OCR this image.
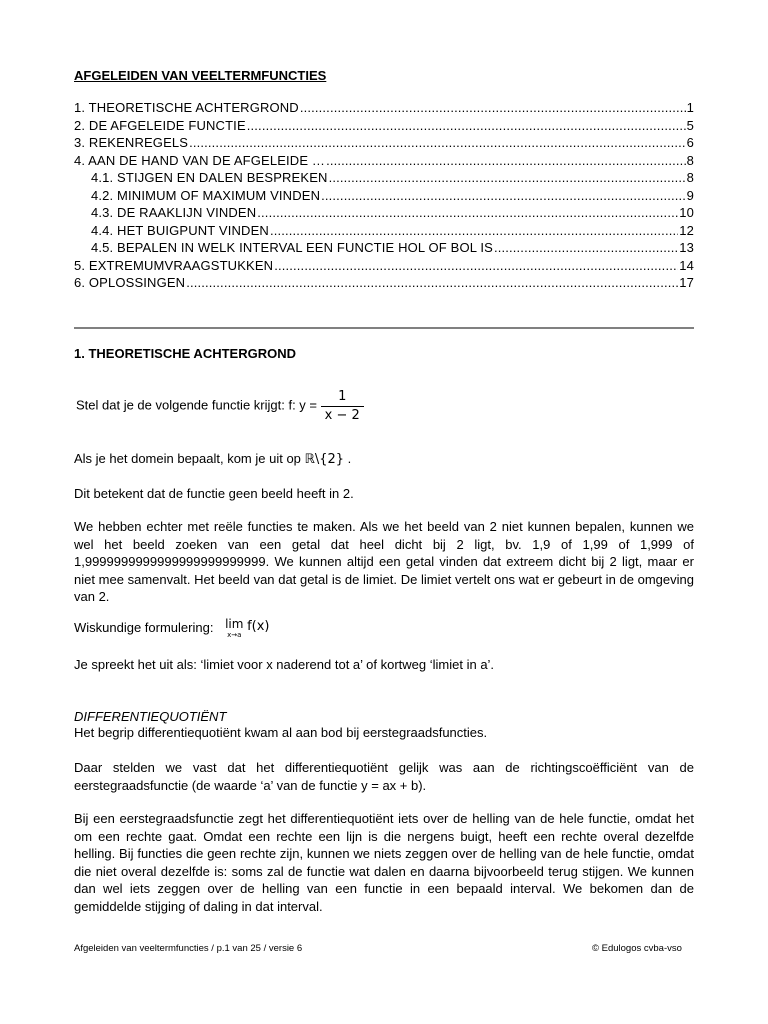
AFGELEIDEN VAN VEELTERMFUNCTIES
1. THEORETISCHE ACHTERGROND .....	1
2. DE AFGELEIDE FUNCTIE .....	5
3. REKENREGELS .....	6
4. AAN DE HAND VAN DE AFGELEIDE … .....	8
4.1. STIJGEN EN DALEN BESPREKEN .....	8
4.2. MINIMUM OF MAXIMUM VINDEN .....	9
4.3. DE RAAKLIJN VINDEN .....	10
4.4. HET BUIGPUNT VINDEN .....	12
4.5. BEPALEN IN WELK INTERVAL EEN FUNCTIE HOL OF BOL IS .....	13
5. EXTREMUMVRAAGSTUKKEN .....	14
6. OPLOSSINGEN .....	17
1. THEORETISCHE ACHTERGROND
Stel dat je de volgende functie krijgt: f: $y = \frac{1}{x - 2}$
Als je het domein bepaalt, kom je uit op ℝ\{2} .
Dit betekent dat de functie geen beeld heeft in 2.
We hebben echter met reële functies te maken. Als we het beeld van 2 niet kunnen bepalen, kunnen we wel het beeld zoeken van een getal dat heel dicht bij 2 ligt, bv. 1,9 of 1,99 of 1,999 of 1,9999999999999999999999999. We kunnen altijd een getal vinden dat extreem dicht bij 2 ligt, maar er niet mee samenvalt. Het beeld van dat getal is de limiet. De limiet vertelt ons wat er gebeurt in de omgeving van 2.
Wiskundige formulering: lim
x→a
f(x)
Je spreekt het uit als: ‘limiet voor x naderend tot a’ of kortweg ‘limiet in a’.
DIFFERENTIEQUOTIËNT
Het begrip differentiequotiënt kwam al aan bod bij eerstegraadsfuncties.
Daar stelden we vast dat het differentiequotiënt gelijk was aan de richtingscoëfficiënt van de eerstegraadsfunctie (de waarde ‘a’ van de functie y = ax + b).
Bij een eerstegraadsfunctie zegt het differentiequotiënt iets over de helling van de hele functie, omdat het om een rechte gaat. Omdat een rechte een lijn is die nergens buigt, heeft een rechte overal dezelfde helling. Bij functies die geen rechte zijn, kunnen we niets zeggen over de helling van de hele functie, omdat die niet overal dezelfde is: soms zal de functie wat dalen en daarna bijvoorbeeld terug stijgen. We kunnen dan wel iets zeggen over de helling van een functie in een bepaald interval. We bekomen dan de gemiddelde stijging of daling in dat interval.
Afgeleiden van veeltermfuncties / p.1 van 25 / versie 6	© Edulogos cvba-vso
